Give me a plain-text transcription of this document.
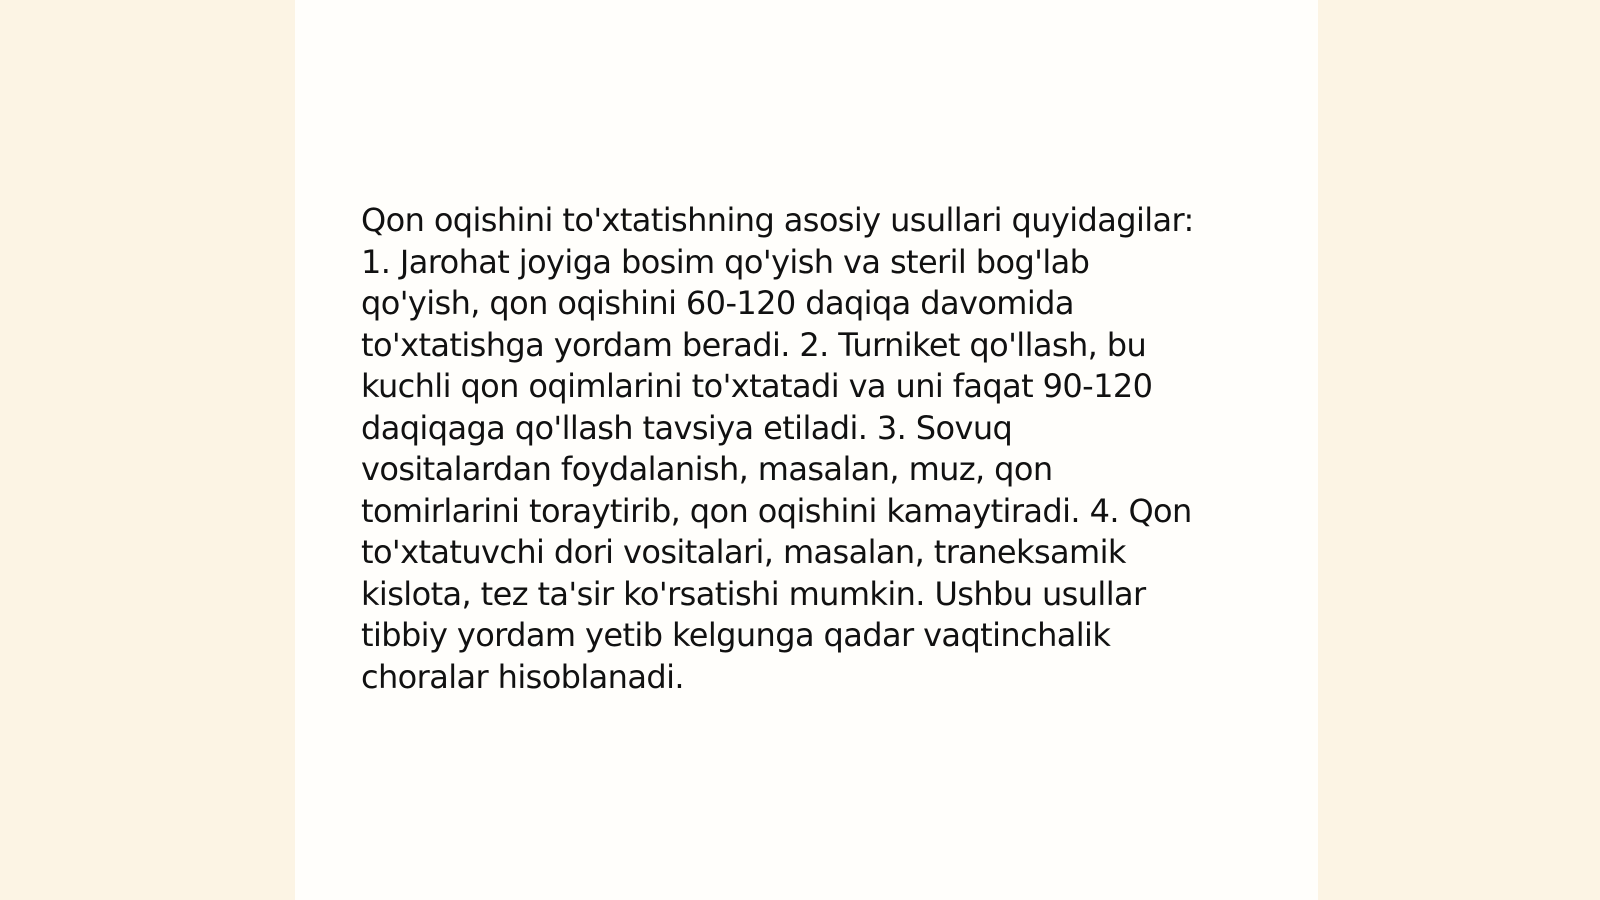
Qon oqishini to'xtatishning asosiy usullari quyidagilar:
1. Jarohat joyiga bosim qo'yish va steril bog'lab
qo'yish, qon oqishini 60-120 daqiqa davomida
to'xtatishga yordam beradi. 2. Turniket qo'llash, bu
kuchli qon oqimlarini to'xtatadi va uni faqat 90-120
daqiqaga qo'llash tavsiya etiladi. 3. Sovuq
vositalardan foydalanish, masalan, muz, qon
tomirlarini toraytirib, qon oqishini kamaytiradi. 4. Qon
to'xtatuvchi dori vositalari, masalan, traneksamik
kislota, tez ta'sir ko'rsatishi mumkin. Ushbu usullar
tibbiy yordam yetib kelgunga qadar vaqtinchalik
choralar hisoblanadi.
